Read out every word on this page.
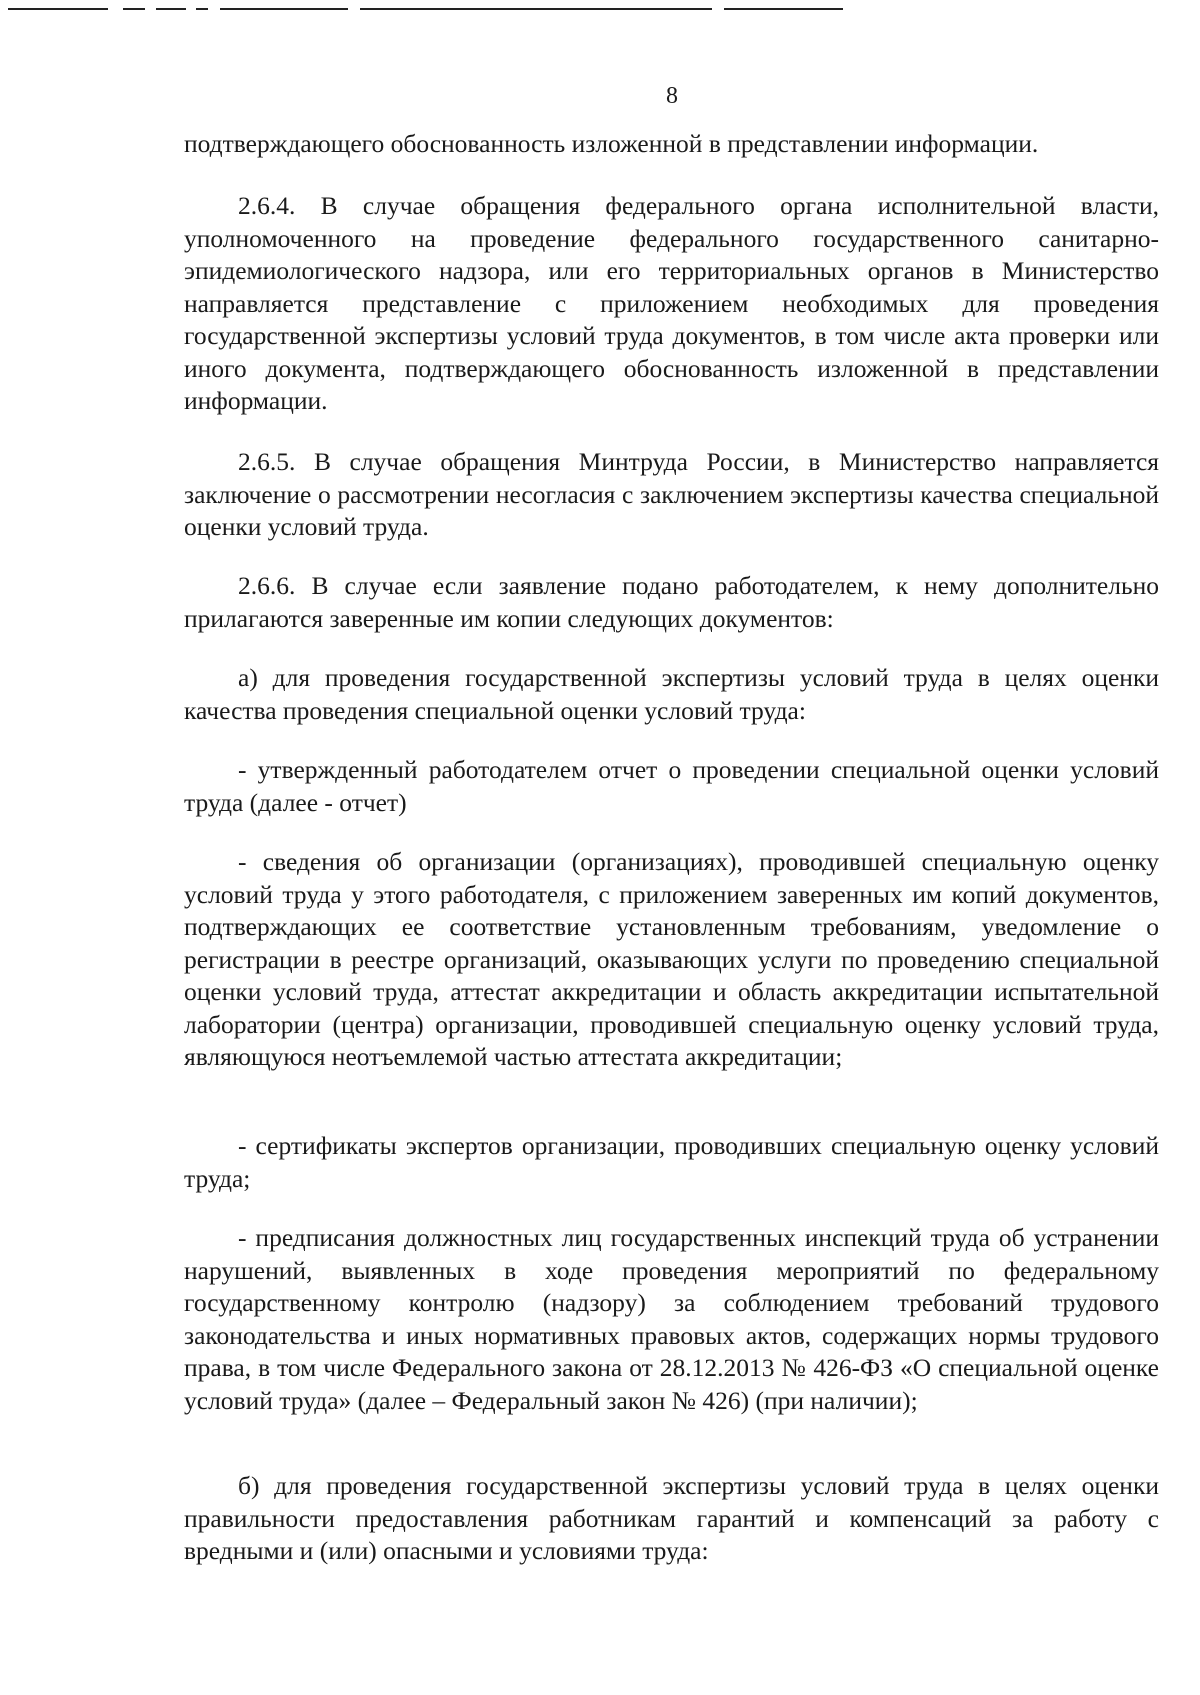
8

подтверждающего обоснованность изложенной в представлении информации.

2.6.4. В случае обращения федерального органа исполнительной власти, уполномоченного на проведение федерального государственного санитарно-эпидемиологического надзора, или его территориальных органов в Министерство направляется представление с приложением необходимых для проведения государственной экспертизы условий труда документов, в том числе акта проверки или иного документа, подтверждающего обоснованность изложенной в представлении информации.

2.6.5. В случае обращения Минтруда России, в Министерство направляется заключение о рассмотрении несогласия с заключением экспертизы качества специальной оценки условий труда.

2.6.6. В случае если заявление подано работодателем, к нему дополнительно прилагаются заверенные им копии следующих документов:

а) для проведения государственной экспертизы условий труда в целях оценки качества проведения специальной оценки условий труда:

- утвержденный работодателем отчет о проведении специальной оценки условий труда (далее - отчет)

- сведения об организации (организациях), проводившей специальную оценку условий труда у этого работодателя, с приложением заверенных им копий документов, подтверждающих ее соответствие установленным требованиям, уведомление о регистрации в реестре организаций, оказывающих услуги по проведению специальной оценки условий труда, аттестат аккредитации и область аккредитации испытательной лаборатории (центра) организации, проводившей специальную оценку условий труда, являющуюся неотъемлемой частью аттестата аккредитации;

- сертификаты экспертов организации, проводивших специальную оценку условий труда;

- предписания должностных лиц государственных инспекций труда об устранении нарушений, выявленных в ходе проведения мероприятий по федеральному государственному контролю (надзору) за соблюдением требований трудового законодательства и иных нормативных правовых актов, содержащих нормы трудового права, в том числе Федерального закона от 28.12.2013 № 426-ФЗ «О специальной оценке условий труда» (далее – Федеральный закон № 426) (при наличии);

б) для проведения государственной экспертизы условий труда в целях оценки правильности предоставления работникам гарантий и компенсаций за работу с вредными и (или) опасными и условиями труда:
